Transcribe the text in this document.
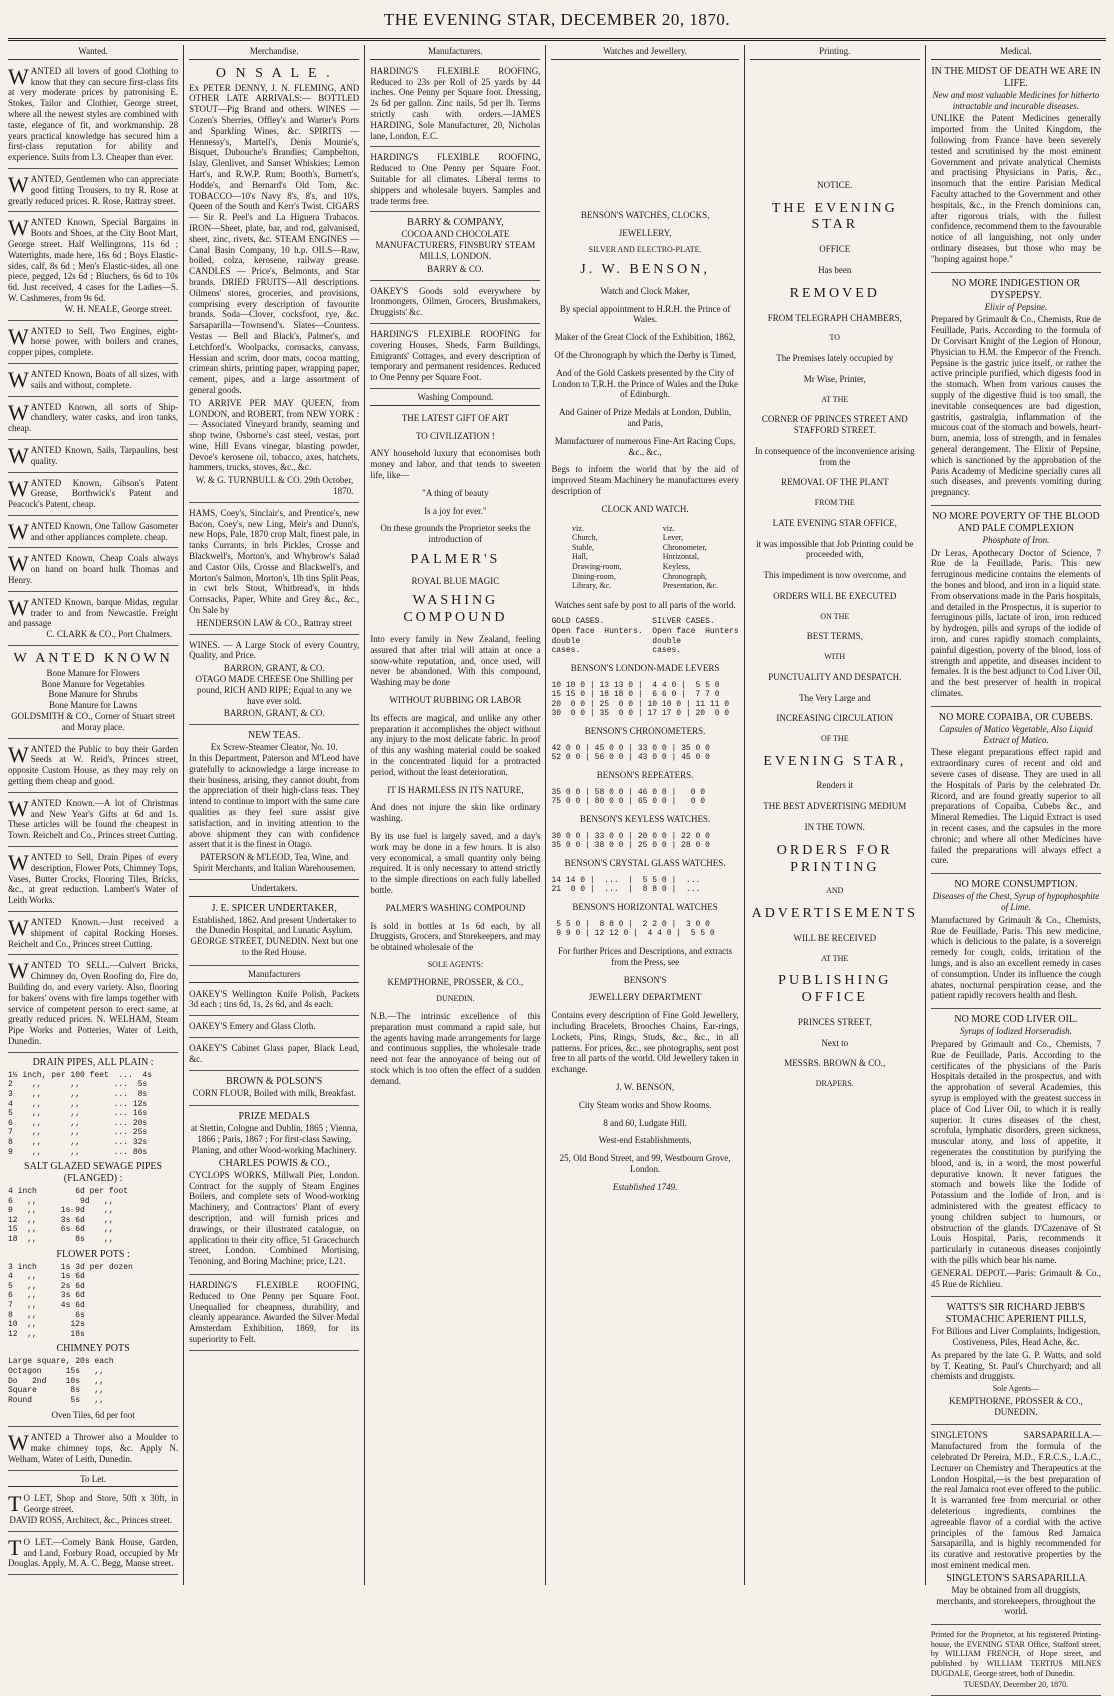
THE EVENING STAR, DECEMBER 20, 1870.
Wanted.
WANTED all lovers of good Clothing to know that they can secure first-class fits at very moderate prices by patronising E. Stokes, Tailor and Clothier, George street, where all the newest styles are combined with taste, elegance of fit, and workmanship. 28 years practical knowledge has secured him a first-class reputation for ability and experience. Suits from L3. Cheaper than ever.
WANTED, Gentlemen who can appreciate good fitting Trousers, to try R. Rose at greatly reduced prices. R. Rose, Rattray street.
WANTED Known, Special Bargains in Boots and Shoes, at the City Boot Mart, George street. Half Wellingtons, 11s 6d ; Watertights, made here, 16s 6d ; Boys Elastic-sides, calf, 8s 6d ; Men's Elastic-sides, all one piece, pegged, 12s 6d ; Bluchers, 6s 6d to 10s 6d. Just received, 4 cases for the Ladies—S. W. Cashmeres, from 9s 6d.
W. H. NEALE, George street.
WANTED to Sell, Two Engines, eight-horse power, with boilers and cranes, copper pipes, complete.
WANTED Known, Boats of all sizes, with sails and without, complete.
WANTED Known, all sorts of Ship-chandlery, water casks, and iron tanks, cheap.
WANTED Known, Sails, Tarpaulins, best quality.
WANTED Known, Gibson's Patent Grease, Borthwick's Patent and Peacock's Patent, cheap.
WANTED Known, One Tallow Gasometer and other appliances complete. cheap.
WANTED Known, Cheap Coals always on hand on board hulk Thomas and Henry.
WANTED Known, barque Midas, regular trader to and from Newcastle. Freight and passage
C. CLARK & CO., Port Chalmers.
W ANTED KNOWN
Bone Manure for Flowers
Bone Manure for Vegetables
Bone Manure for Shrubs
Bone Manure for Lawns
GOLDSMITH & CO., Corner of Stuart street and Moray place.
WANTED the Public to buy their Garden Seeds at W. Reid's, Princes street, opposite Custom House, as they may rely on getting them cheap and good.
WANTED Known.—A lot of Christmas and New Year's Gifts at 6d and 1s. These articles will be found the cheapest in Town. Reichelt and Co., Princes street Cutting.
WANTED to Sell, Drain Pipes of every description, Flower Pots, Chimney Tops, Vases, Butter Crocks, Flooring Tiles, Bricks, &c., at great reduction. Lambert's Water of Leith Works.
WANTED Known.—Just received a shipment of capital Rocking Horses. Reichelt and Co., Princes street Cutting.
WANTED TO SELL.—Culvert Bricks, Chimney do, Oven Roofing do, Fire do, Building do, and every variety. Also, flooring for bakers' ovens with fire lamps together with service of competent person to erect same, at greatly reduced prices. N. WELHAM, Steam Pipe Works and Potteries, Water of Leith, Dunedin.
DRAIN PIPES, ALL PLAIN :
1½ inch, per 100 feet  ...  4s
2    ,,      ,,       ...  5s
3    ,,      ,,       ...  8s
4    ,,      ,,       ... 12s
5    ,,      ,,       ... 16s
6    ,,      ,,       ... 20s
7    ,,      ,,       ... 25s
8    ,,      ,,       ... 32s
9    ,,      ,,       ... 80s
SALT GLAZED SEWAGE PIPES (FLANGED) :
4 inch        6d per foot
6   ,,         9d   ,,
9   ,,     1s 9d    ,,
12  ,,     3s 6d    ,,
15  ,,     6s 6d    ,,
18  ,,        8s    ,,
FLOWER POTS :
3 inch     1s 3d per dozen
4   ,,     1s 6d
5   ,,     2s 6d
6   ,,     3s 6d
7   ,,     4s 6d
8   ,,        6s
10  ,,       12s
12  ,,       18s
CHIMNEY POTS
Large square, 20s each
Octagon     15s   ,,
Do   2nd    10s   ,,
Square       8s   ,,
Round        5s   ,,
Oven Tiles, 6d per foot
WANTED a Thrower also a Moulder to make chimney tops, &c. Apply N. Welham, Water of Leith, Dunedin.
To Let.
T O LET, Shop and Store, 50ft x 30ft, in George street.
DAVID ROSS, Architect, &c., Princes street.
T O LET.—Comely Bank House, Garden, and Land, Forbury Road, occupied by Mr Douglas. Apply, M. A. C. Begg, Manse street.
Merchandise.
O N S A L E .

Ex PETER DENNY, J. N. FLEMING, AND OTHER LATE ARRIVALS:— BOTTLED STOUT—Pig Brand and others. WINES — Cozen's Sherries, Offley's and Warter's Ports and Sparkling Wines, &c. SPIRITS — Hennessy's, Martell's, Denis Mounie's, Bisquet, Dubouche's Brandies; Campbelton, Islay, Glenlivet, and Sanset Whiskies; Lemon Hart's, and R.W.P. Rum; Booth's, Burnett's, Hodde's, and Bernard's Old Tom, &c. TOBACCO—10's Navy 8's, 8's, and 10's, Queen of the South and Kerr's Twist. CIGARS — Sir R. Peel's and La Higuera Trabacos. IRON—Sheet, plate, bar, and rod, galvanised, sheet, zinc, rivets, &c. STEAM ENGINES — Canal Basin Company, 10 h.p. OILS—Raw, boiled, colza, kerosene, railway grease. CANDLES — Price's, Belmonts, and Star brands. DRIED FRUITS—All descriptions. Oilmens' stores, groceries, and provisions, comprising every description of favourite brands. Soda—Clover, cocksfoot, rye, &c. Sarsaparilla—Townsend's. Slates—Countess. Vestas — Bell and Black's, Palmer's, and Letchford's. Woolpacks, cornsacks, canvass, Hessian and scrim, door mats, cocoa matting, crimean shirts, printing paper, wrapping paper, cement, pipes, and a large assortment of general goods.

TO ARRIVE PER MAY QUEEN, from LONDON, and ROBERT, from NEW YORK :— Associated Vineyard brandy, seaming and shop twine, Osborne's cast steel, vestas, port wine, Hill Evans vinegar, blasting powder, Devoe's kerosene oil, tobacco, axes, hatchets, hammers, trucks, stoves, &c., &c.

W. & G. TURNBULL & CO. 29th October, 1870.

HAMS, Coey's, Sinclair's, and Prentice's, new Bacon, Coey's, new Ling, Meir's and Dunn's, new Hops, Pale, 1870 crop Malt, finest pale, in tanks Currants, in brls Pickles, Crosse and Blackwell's, Morton's, and Whybrow's Salad and Castor Oils, Crosse and Blackwell's, and Morton's Salmon, Morton's, 1lb tins Split Peas, in cwt brls Stout, Whitbread's, in hhds Cornsacks, Paper, White and Grey &c., &c., On Sale by

HENDERSON LAW & CO., Rattray street

WINES. — A Large Stock of every Country, Quality, and Price.

BARRON, GRANT, & CO.

OTAGO MADE CHEESE One Shilling per pound, RICH AND RIPE; Equal to any we have ever sold.

BARRON, GRANT, & CO.
NEW TEAS.
Ex Screw-Steamer Cleator, No. 10.

In this Department, Paterson and M'Leod have gratefully to acknowledge a large increase to their business, arising, they cannot doubt, from the appreciation of their high-class teas. They intend to continue to import with the same care qualities as they feel sure assist give satisfaction, and in inviting attention to the above shipment they can with confidence assert that it is the finest in Otago.

PATERSON & M'LEOD, Tea, Wine, and Spirit Merchants, and Italian Warehousemen.
Undertakers.
J. E. SPICER UNDERTAKER,

Established, 1862. And present Undertaker to the Dunedin Hospital, and Lunatic Asylum. GEORGE STREET, DUNEDIN. Next but one to the Red House.

Manufacturers
OAKEY'S Wellington Knife Polish, Packets 3d each ; tins 6d, 1s, 2s 6d, and 4s each.
OAKEY'S Emery and Glass Cloth.
OAKEY'S Cabinet Glass paper, Black Lead, &c.
BROWN & POLSON'S

CORN FLOUR, Boiled with milk, Breakfast.

PRIZE MEDALS

at Stettin, Cologne and Dublin, 1865 ; Vienna, 1866 ; Paris, 1867 ; For first-class Sawing, Planing, and other Wood-working Machinery.

CHARLES POWIS & CO.,

CYCLOPS WORKS, Millwall Pier, London. Contract for the supply of Steam Engines Boilers, and complete sets of Wood-working Machinery, and Contractors' Plant of every description, and will furnish prices and drawings, or their illustrated catalogue, on application to their city office, 51 Gracechurch street, London. Combined Mortising, Tenoning, and Boring Machine; price, L21.

HARDING'S FLEXIBLE ROOFING, Reduced to One Penny per Square Foot. Unequalled for cheapness, durability, and cleanly appearance. Awarded the Silver Medal Amsterdam Exhibition, 1869, for its superiority to Felt.
Manufacturers.
HARDING'S FLEXIBLE ROOFING, Reduced to 23s per Roll of 25 yards by 44 inches. One Penny per Square foot. Dressing, 2s 6d per gallon. Zinc nails, 5d per lb. Terms strictly cash with orders.—JAMES HARDING, Sole Manufacturer, 20, Nicholas lane, London, E.C.
HARDING'S FLEXIBLE ROOFING, Reduced to One Penny per Square Foot. Suitable for all climates. Liberal terms to shippers and wholesale buyers. Samples and trade terms free.
BARRY & COMPANY,

COCOA AND CHOCOLATE MANUFACTURERS, FINSBURY STEAM MILLS, LONDON.

BARRY & CO.
OAKEY'S Goods sold everywhere by Ironmongers, Oilmen, Grocers, Brushmakers, Druggists' &c.
HARDING'S FLEXIBLE ROOFING for covering Houses, Sheds, Farm Buildings, Emigrants' Cottages, and every description of temporary and permanent residences. Reduced to One Penny per Square Foot.
Washing Compound.

THE LATEST GIFT OF ART

TO CIVILIZATION !

ANY household luxury that economises both money and labor, and that tends to sweeten life, like—

"A thing of beauty

Is a joy for ever."

On these grounds the Proprietor seeks the introduction of

PALMER'S

ROYAL BLUE MAGIC

WASHING COMPOUND

Into every family in New Zealand, feeling assured that after trial will attain at once a snow-white reputation, and, once used, will never be abandoned. With this compound, Washing may be done

WITHOUT RUBBING OR LABOR

Its effects are magical, and unlike any other preparation it accomplishes the object without any injury to the most delicate fabric. In proof of this any washing material could be soaked in the concentrated liquid for a protracted period, without the least deterioration.

IT IS HARMLESS IN ITS NATURE,

And does not injure the skin like ordinary washing.

By its use fuel is largely saved, and a day's work may be done in a few hours. It is also very economical, a small quantity only being required. It is only necessary to attend strictly to the simple directions on each fully labelled bottle.

PALMER'S WASHING COMPOUND

Is sold in bottles at 1s 6d each, by all Druggists, Grocers, and Storekeepers, and may be obtained wholesale of the

SOLE AGENTS:

KEMPTHORNE, PROSSER, & CO.,

DUNEDIN.

N.B.—The intrinsic excellence of this preparation must command a rapid sale, but the agents having made arrangements for large and continuous supplies, the wholesale trade need not fear the annoyance of being out of stock which is too often the effect of a sudden demand.

Watches and Jewellery.

BENSON'S WATCHES, CLOCKS,

JEWELLERY,

SILVER AND ELECTRO-PLATE.

J. W. BENSON,

Watch and Clock Maker,

By special appointment to H.R.H. the Prince of Wales.

Maker of the Great Clock of the Exhibition, 1862,

Of the Chronograph by which the Derby is Timed,

And of the Gold Caskets presented by the City of London to T.R.H. the Prince of Wales and the Duke of Edinburgh.

And Gainer of Prize Medals at London, Dublin, and Paris,

Manufacturer of numerous Fine-Art Racing Cups, &c., &c.,

Begs to inform the world that by the aid of improved Steam Machinery he manufactures every description of

CLOCK AND WATCH.

viz.
Church,
Stable,
Hall,
Drawing-room,
Dining-room,
Library, &c.
viz.
Lever,
Chronometer,
Horizontal,
Keyless,
Chronograph,
Presentation, &c.

Watches sent safe by post to all parts of the world.

GOLD CASES.          SILVER CASES.
Open face  Hunters.  Open face  Hunters
double               double
cases.               cases.

BENSON'S LONDON-MADE LEVERS

10 10 0 | 13 13 0 |  4 4 0 |  5 5 0
15 15 0 | 18 18 0 |  6 6 0 |  7 7 0
20  0 0 | 25  0 0 | 10 10 0 | 11 11 0
30  0 0 | 35  0 0 | 17 17 0 | 20  0 0

BENSON'S CHRONOMETERS.

42 0 0 | 45 0 0 | 33 0 0 | 35 0 0
52 0 0 | 56 0 0 | 43 0 0 | 45 0 0

BENSON'S REPEATERS.

35 0 0 | 58 0 0 | 46 0 0 |   0 0
75 0 0 | 80 0 0 | 65 0 0 |   0 0

BENSON'S KEYLESS WATCHES.

30 0 0 | 33 0 0 | 20 0 0 | 22 0 0
35 0 0 | 38 0 0 | 25 0 0 | 28 0 0

BENSON'S CRYSTAL GLASS WATCHES.

14 14 0 |  ...  |  5 5 0 |  ...
21  0 0 |  ...  |  8 8 0 |  ...

BENSON'S HORIZONTAL WATCHES

5 5 0 |  8 8 0 |  2 2 0 |  3 0 0
9 9 0 | 12 12 0 |  4 4 0 |  5 5 0

For further Prices and Descriptions, and extracts from the Press, see

BENSON'S

JEWELLERY DEPARTMENT

Contains every description of Fine Gold Jewellery, including Bracelets, Brooches Chains, Ear-rings, Lockets, Pins, Rings, Studs, &c., &c., in all patterns. For prices, &c., see photographs, sent post free to all parts of the world. Old Jewellery taken in exchange.

J. W. BENSON,

City Steam works and Show Rooms.

8 and 60, Ludgate Hill.

West-end Establishments,

25, Old Bond Street, and 99, Westbourn Grove, London.

Established 1749.

Printing.

NOTICE.

THE EVENING STAR

OFFICE

Has been

REMOVED

FROM TELEGRAPH CHAMBERS,

TO

The Premises lately occupied by

Mr Wise, Printer,

AT THE

CORNER OF PRINCES STREET AND STAFFORD STREET.

In consequence of the inconvenience arising from the

REMOVAL OF THE PLANT

FROM THE

LATE EVENING STAR OFFICE,

it was impossible that Job Printing could be proceeded with,

This impediment is now overcome, and

ORDERS WILL BE EXECUTED

ON THE

BEST TERMS,

WITH

PUNCTUALITY AND DESPATCH.

The Very Large and

INCREASING CIRCULATION

OF THE

EVENING STAR,

Renders it

THE BEST ADVERTISING MEDIUM

IN THE TOWN.

ORDERS FOR PRINTING

AND

ADVERTISEMENTS

WILL BE RECEIVED

AT THE

PUBLISHING OFFICE

PRINCES STREET,

Next to

MESSRS. BROWN & CO.,

DRAPERS.

Medical.
IN THE MIDST OF DEATH WE ARE IN LIFE.

New and most valuable Medicines for hitherto intractable and incurable diseases.

UNLIKE the Patent Medicines generally imported from the United Kingdom, the following from France have been severely tested and scrutinised by the most eminent Government and private analytical Chemists and practising Physicians in Paris, &c., insomuch that the entire Parisian Medical Faculty attached to the Government and other hospitals, &c., in the French dominions can, after rigorous trials, with the fullest confidence, recommend them to the favourable notice of all languishing, not only under ordinary diseases, but those who may be "hoping against hope."

NO MORE INDIGESTION OR DYSPEPSY.

Elixir of Pepsine.

Prepared by Grimault & Co., Chemists, Rue de Feuillade, Paris. According to the formula of Dr Corvisart Knight of the Legion of Honour, Physician to H.M. the Emperor of the French. Pepsine is the gastric juice itself, or rather the active principle purified, which digests food in the stomach. When from various causes the supply of the digestive fluid is too small, the inevitable consequences are bad digestion, gastritis, gastralgia, inflammation of the mucous coat of the stomach and bowels, heart-burn, anemia, loss of strength, and in females general derangement. The Elixir of Pepsine, which is sanctioned by the approbation of the Paris Academy of Medicine specially cures all such diseases, and prevents vomiting during pregnancy.

NO MORE POVERTY OF THE BLOOD AND PALE COMPLEXION

Phosphate of Iron.

Dr Leras, Apothecary Doctor of Science, 7 Rue de la Feuillade, Paris. This new ferruginous medicine contains the elements of the bones and blood, and iron in a liquid state. From observations made in the Paris hospitals, and detailed in the Prospectus, it is superior to ferruginous pills, lactate of iron, iron reduced by hydrogen, pills and syrups of the iodide of iron, and cures rapidly stomach complaints, painful digestion, poverty of the blood, loss of strength and appetite, and diseases incident to females. It is the best adjunct to Cod Liver Oil, and the best preserver of health in tropical climates.

NO MORE COPAIBA, OR CUBEBS.

Capsules of Matico Vegetable, Also Liquid Extract of Matico.

These elegant preparations effect rapid and extraordinary cures of recent and old and severe cases of disease. They are used in all the Hospitals of Paris by the celebrated Dr. Ricord, and are found greatly superior to all preparations of Copaiba, Cubebs &c., and Mineral Remedies. The Liquid Extract is used in recent cases, and the capsules in the more chronic; and where all other Medicines have failed the preparations will always effect a cure.

NO MORE CONSUMPTION.

Diseases of the Chest, Syrup of hypophosphite of Lime.

Manufactured by Grimault & Co., Chemists, Rue de Feuillade, Paris. This new medicine, which is delicious to the palate, is a sovereign remedy for cough, colds, irritation of the lungs, and is also an excellent remedy in cases of consumption. Under its influence the cough abates, nocturnal perspiration cease, and the patient rapidly recovers health and flesh.

NO MORE COD LIVER OIL.

Syrups of Iodized Horseradish.

Prepared by Grimault and Co., Chemists, 7 Rue de Feuillade, Paris. According to the certificates of the physicians of the Paris Hospitals detailed in the prospectus, and with the approbation of several Academies, this syrup is employed with the greatest success in place of Cod Liver Oil, to which it is really superior. It cures diseases of the chest, scrofula, lymphatic disorders, green sickness, muscular atony, and loss of appetite, it regenerates the constitution by purifying the blood, and is, in a word, the most powerful depurative known. It never fatigues the stomach and bowels like the Iodide of Potassium and the Iodide of Iron, and is administered with the greatest efficacy to young children subject to humours, or obstruction of the glands. D'Cazenave of St Louis Hospital, Paris, recommends it particularly in cutaneous diseases conjointly with the pills which bear his name.

GENERAL DEPOT.—Paris: Grimault & Co., 45 Rue de Richlieu.

WATTS'S SIR RICHARD JEBB'S STOMACHIC APERIENT PILLS,

For Bilious and Liver Complaints, Indigestion, Costiveness, Piles, Head Ache, &c.

As prepared by the late G. P. Watts, and sold by T. Keating, St. Paul's Churchyard; and all chemists and druggists.

Sole Agents—

KEMPTHORNE, PROSSER & CO., DUNEDIN.

SINGLETON'S SARSAPARILLA.—Manufactured from the formula of the celebrated Dr Pereira, M.D., F.R.C.S., L.A.C., Lecturer on Chemistry and Therapeutics at the London Hospital,—is the best preparation of the real Jamaica root ever offered to the public. It is warranted free from mercurial or other deleterious ingredients, combines the agreeable flavor of a cordial with the active principles of the famous Red Jamaica Sarsaparilla, and is highly recommended for its curative and restorative properties by the most eminent medical men.

SINGLETON'S SARSAPARILLA

May be obtained from all druggists, merchants, and storekeepers, throughout the world.

Printed for the Proprietor, at his registered Printing-house, the EVENING STAR Office, Stafford street, by WILLIAM FRENCH, of Hope street, and published by WILLIAM TERTIUS MILNES DUGDALE, George street, both of Dunedin.

TUESDAY, December 20, 1870.
